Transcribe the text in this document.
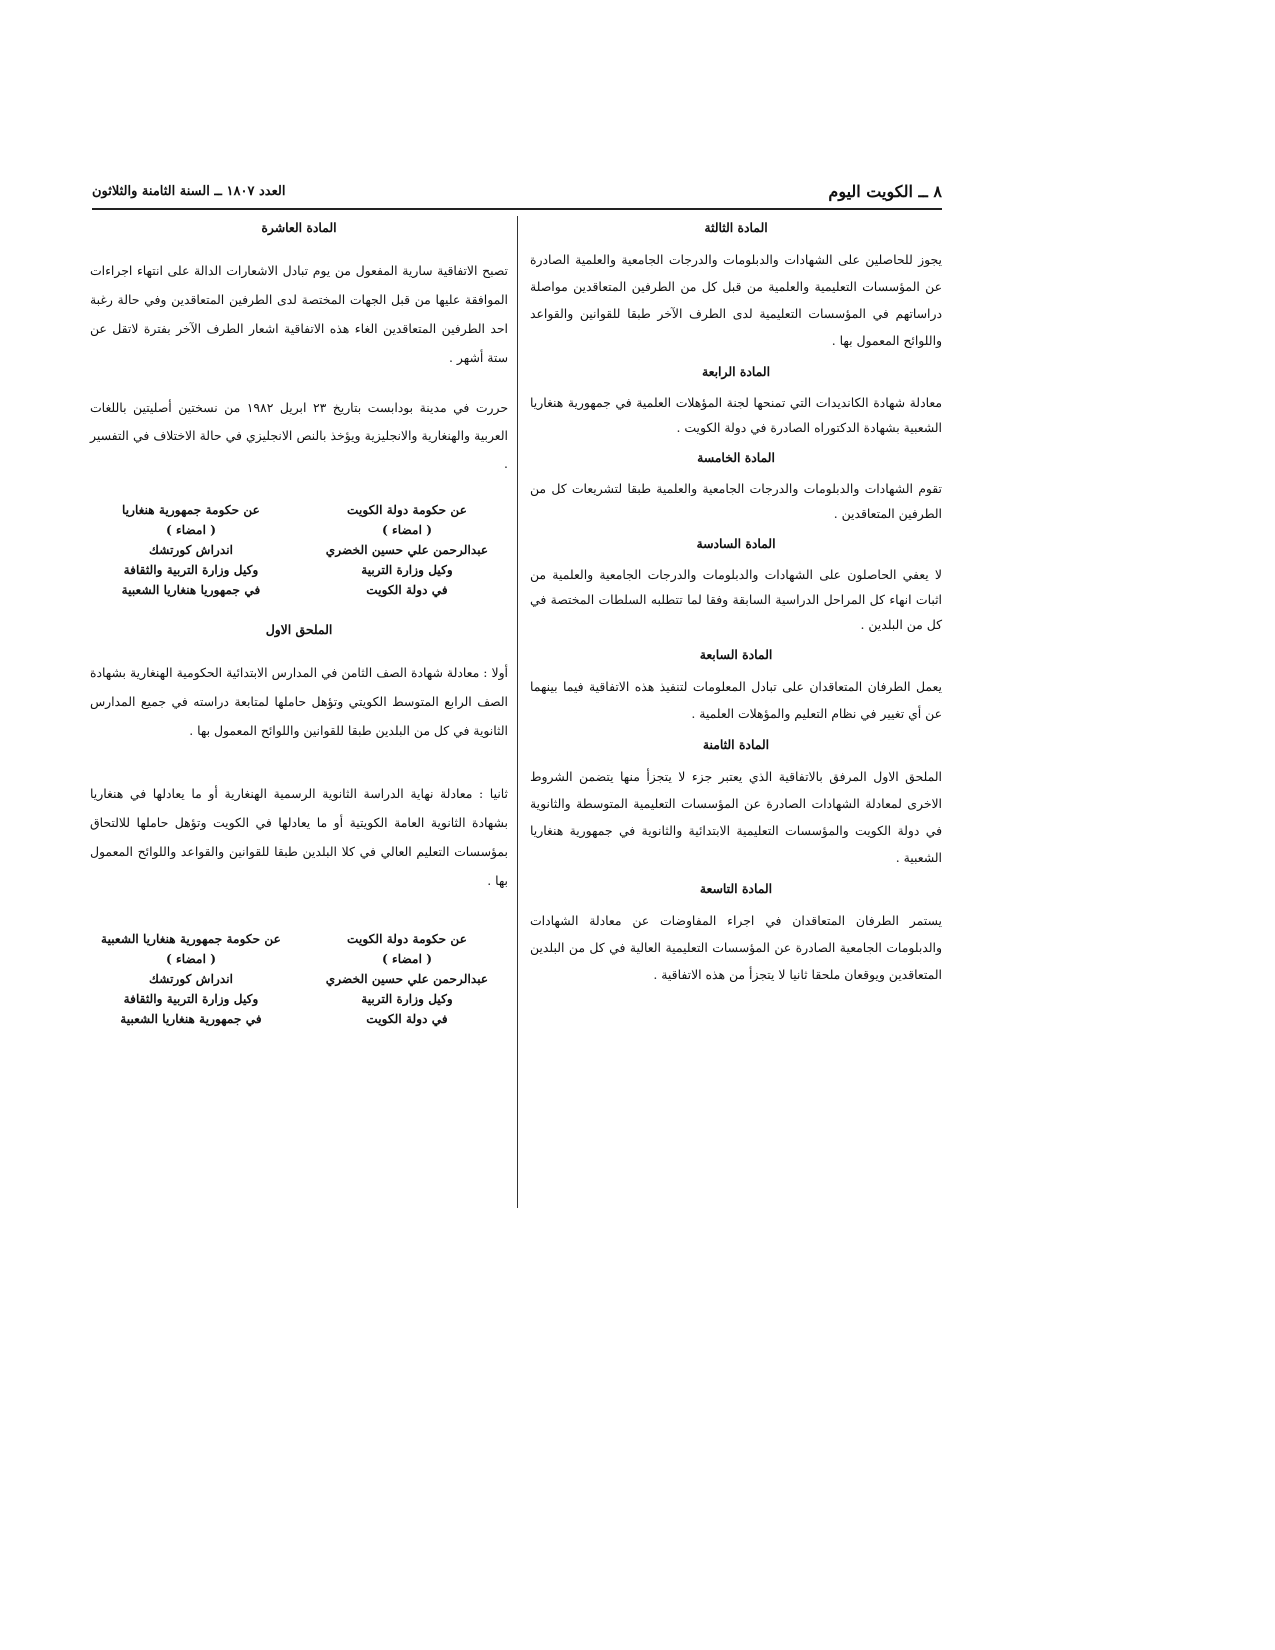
٨ ــ الكويت اليوم
العدد ١٨٠٧ ــ السنة الثامنة والثلاثون
المادة الثالثة

يجوز للحاصلين على الشهادات والدبلومات والدرجات الجامعية والعلمية الصادرة عن المؤسسات التعليمية والعلمية من قبل كل من الطرفين المتعاقدين مواصلة دراساتهم في المؤسسات التعليمية لدى الطرف الآخر طبقا للقوانين والقواعد واللوائح المعمول بها .

المادة الرابعة

معادلة شهادة الكانديدات التي تمنحها لجنة المؤهلات العلمية في جمهورية هنغاريا الشعبية بشهادة الدكتوراه الصادرة في دولة الكويت .

المادة الخامسة

تقوم الشهادات والدبلومات والدرجات الجامعية والعلمية طبقا لتشريعات كل من الطرفين المتعاقدين .

المادة السادسة

لا يعفي الحاصلون على الشهادات والدبلومات والدرجات الجامعية والعلمية من اثبات انهاء كل المراحل الدراسية السابقة وفقا لما تتطلبه السلطات المختصة في كل من البلدين .

المادة السابعة

يعمل الطرفان المتعاقدان على تبادل المعلومات لتنفيذ هذه الاتفاقية فيما بينهما عن أي تغيير في نظام التعليم والمؤهلات العلمية .

المادة الثامنة

الملحق الاول المرفق بالاتفاقية الذي يعتبر جزء لا يتجزأ منها يتضمن الشروط الاخرى لمعادلة الشهادات الصادرة عن المؤسسات التعليمية المتوسطة والثانوية في دولة الكويت والمؤسسات التعليمية الابتدائية والثانوية في جمهورية هنغاريا الشعبية .

المادة التاسعة

يستمر الطرفان المتعاقدان في اجراء المفاوضات عن معادلة الشهادات والدبلومات الجامعية الصادرة عن المؤسسات التعليمية العالية في كل من البلدين المتعاقدين ويوقعان ملحقا ثانيا لا يتجزأ من هذه الاتفاقية .

المادة العاشرة

تصبح الاتفاقية سارية المفعول من يوم تبادل الاشعارات الدالة على انتهاء اجراءات الموافقة عليها من قبل الجهات المختصة لدى الطرفين المتعاقدين وفي حالة رغبة احد الطرفين المتعاقدين الغاء هذه الاتفاقية اشعار الطرف الآخر بفترة لاتقل عن ستة أشهر .

حررت في مدينة بودابست بتاريخ ٢٣ ابريل ١٩٨٢ من نسختين أصليتين باللغات العربية والهنغارية والانجليزية ويؤخذ بالنص الانجليزي في حالة الاختلاف في التفسير .

عن حكومة دولة الكويت
عن حكومة جمهورية هنغاريا
( امضاء )
( امضاء )
عبدالرحمن علي حسين الخضري
اندراش كورتشك
وكيل وزارة التربية
وكيل وزارة التربية والثقافة
في دولة الكويت
في جمهوريا هنغاريا الشعبية
الملحق الاول

أولا : معادلة شهادة الصف الثامن في المدارس الابتدائية الحكومية الهنغارية بشهادة الصف الرابع المتوسط الكويتي وتؤهل حاملها لمتابعة دراسته في جميع المدارس الثانوية في كل من البلدين طبقا للقوانين واللوائح المعمول بها .

ثانيا : معادلة نهاية الدراسة الثانوية الرسمية الهنغارية أو ما يعادلها في هنغاريا بشهادة الثانوية العامة الكويتية أو ما يعادلها في الكويت وتؤهل حاملها للالتحاق بمؤسسات التعليم العالي في كلا البلدين طبقا للقوانين والقواعد واللوائح المعمول بها .

عن حكومة دولة الكويت
عن حكومة جمهورية هنغاريا الشعبية
( امضاء )
( امضاء )
عبدالرحمن علي حسين الخضري
اندراش كورتشك
وكيل وزارة التربية
وكيل وزارة التربية والثقافة
في دولة الكويت
في جمهورية هنغاريا الشعبية
